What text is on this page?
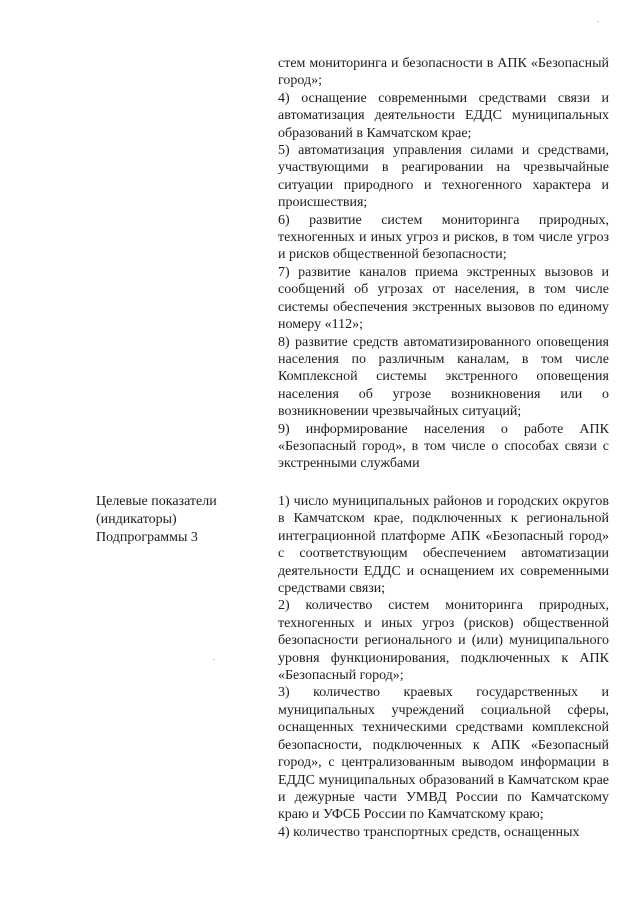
стем мониторинга и безопасности в АПК «Безопасный город»;

4) оснащение современными средствами связи и автоматизация деятельности ЕДДС муниципальных образований в Камчатском крае;

5) автоматизация управления силами и средствами, участвующими в реагировании на чрезвычайные ситуации природного и техногенного характера и происшествия;

6) развитие систем мониторинга природных, техногенных и иных угроз и рисков, в том числе угроз и рисков общественной безопасности;

7) развитие каналов приема экстренных вызовов и сообщений об угрозах от населения, в том числе системы обеспечения экстренных вызовов по единому номеру «112»;

8) развитие средств автоматизированного оповещения населения по различным каналам, в том числе Комплексной системы экстренного оповещения населения об угрозе возникновения или о возникновении чрезвычайных ситуаций;

9) информирование населения о работе АПК «Безопасный город», в том числе о способах связи с экстренными службами

Целевые показатели
(индикаторы)
Подпрограммы 3

1) число муниципальных районов и городских округов в Камчатском крае, подключенных к региональной интеграционной платформе АПК «Безопасный город» с соответствующим обеспечением автоматизации деятельности ЕДДС и оснащением их современными средствами связи;

2) количество систем мониторинга природных, техногенных и иных угроз (рисков) общественной безопасности регионального и (или) муниципального уровня функционирования, подключенных к АПК «Безопасный город»;

3) количество краевых государственных и муниципальных учреждений социальной сферы, оснащенных техническими средствами комплексной безопасности, подключенных к АПК «Безопасный город», с централизованным выводом информации в ЕДДС муниципальных образований в Камчатском крае и дежурные части УМВД России по Камчатскому краю и УФСБ России по Камчатскому краю;

4) количество транспортных средств, оснащенных
